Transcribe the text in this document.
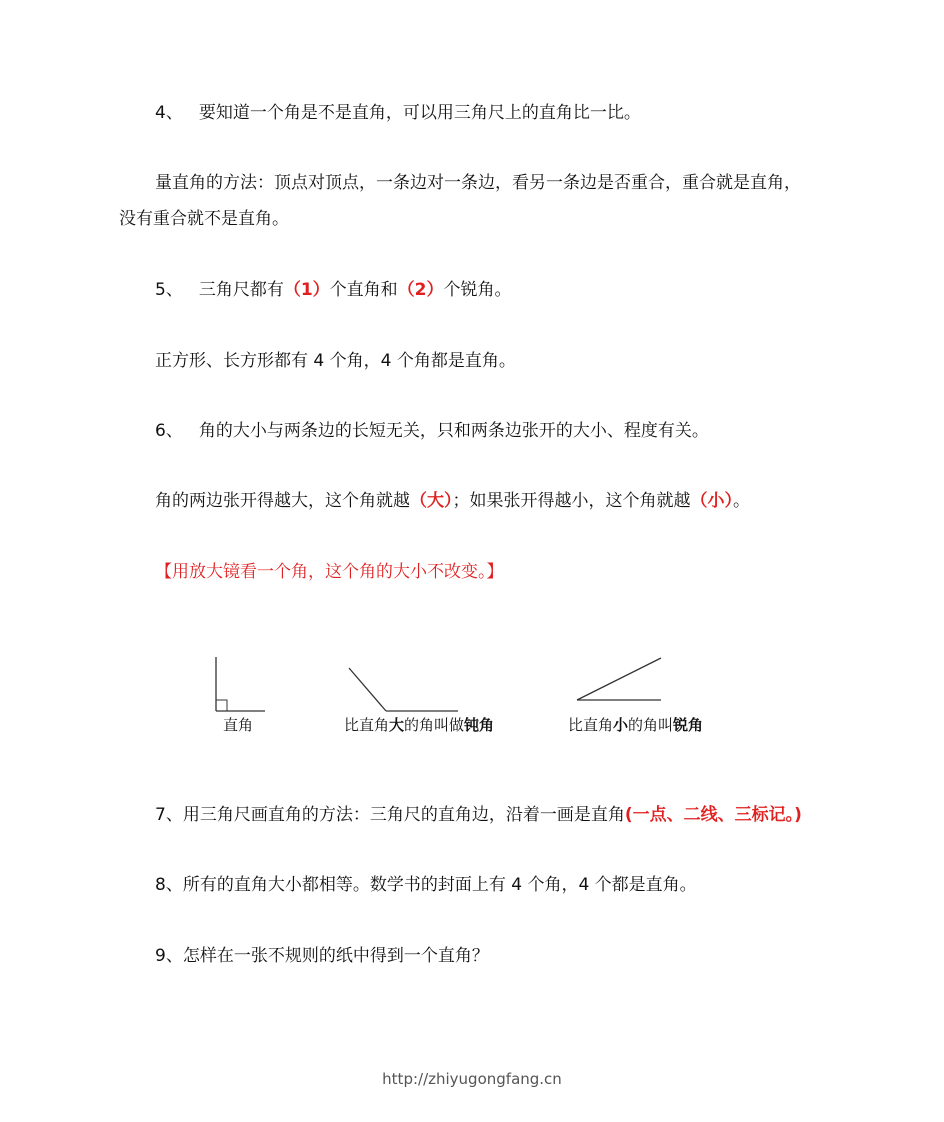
4、 要知道一个角是不是直角，可以用三角尺上的直角比一比。
量直角的方法：顶点对顶点，一条边对一条边，看另一条边是否重合，重合就是直角，
没有重合就不是直角。
5、 三角尺都有（1）个直角和（2）个锐角。
正方形、长方形都有 4 个角，4 个角都是直角。
6、 角的大小与两条边的长短无关，只和两条边张开的大小、程度有关。
角的两边张开得越大，这个角就越（大）；如果张开得越小，这个角就越（小）。
【用放大镜看一个角，这个角的大小不改变。】
直角	比直角大的角叫做钝角	比直角小的角叫锐角
7、用三角尺画直角的方法：三角尺的直角边，沿着一画是直角(一点、二线、三标记。)
8、所有的直角大小都相等。数学书的封面上有 4 个角，4 个都是直角。
9、怎样在一张不规则的纸中得到一个直角？
http://zhiyugongfang.cn
